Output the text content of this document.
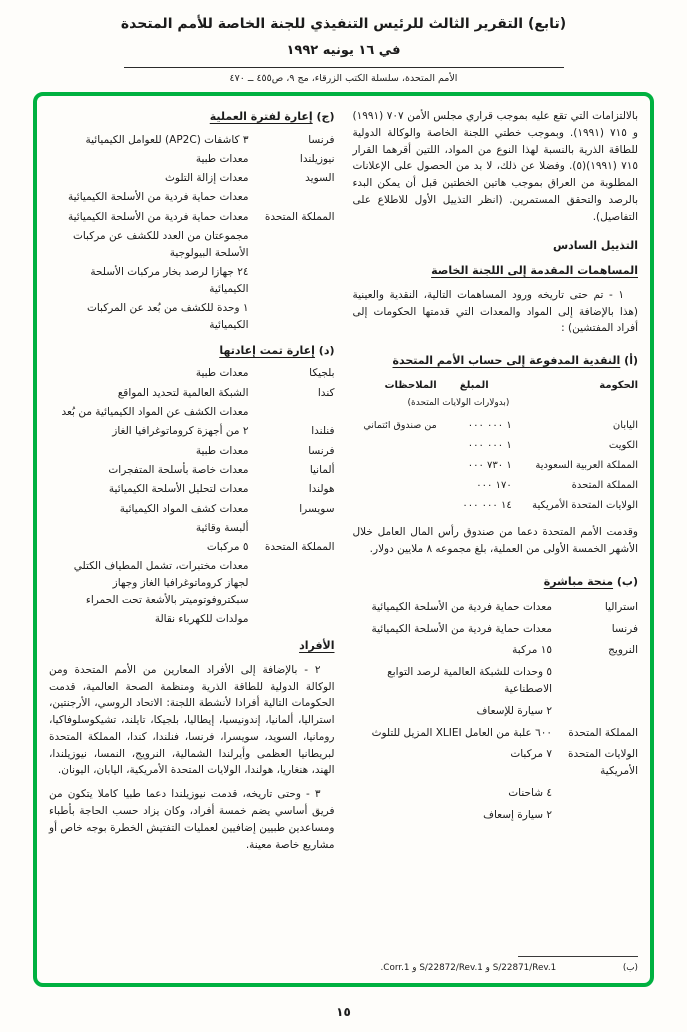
(تابع) التقرير الثالث للرئيس التنفيذي للجنة الخاصة للأمم المتحدة
في ١٦ يونيه ١٩٩٢
الأمم المتحدة، سلسلة الكتب الزرقاء، مج ٩، ص٤٥٥ ــ ٤٧٠

بالالتزامات التي تقع عليه بموجب قراري مجلس الأمن ٧٠٧ (١٩٩١) و ٧١٥ (١٩٩١). وبموجب خطتي اللجنة الخاصة والوكالة الدولية للطاقة الذرية بالنسبة لهذا النوع من المواد، اللتين أقرهما القرار ٧١٥ (١٩٩١)(٥). وفضلا عن ذلك، لا بد من الحصول على الإعلانات المطلوبة من العراق بموجب هاتين الخطتين قبل أن يمكن البدء بالرصد والتحقق المستمرين. (انظر التذييل الأول للاطلاع على التفاصيل).

التذييل السادس
المساهمات المقدمة إلى اللجنة الخاصة

١ - تم حتى تاريخه ورود المساهمات التالية، النقدية والعينية (هذا بالإضافة إلى المواد والمعدات التي قدمتها الحكومات إلى أفراد المفتشين) :

(أ) النقدية المدفوعة إلى حساب الأمم المتحدة
الحكومة
المبلغ
الملاحظات
(بدولارات الولايات المتحدة)
اليابان
١ ٠٠٠ ٠٠٠
من صندوق ائتماني
الكويت
١ ٠٠٠ ٠٠٠
المملكة العربية السعودية
١ ٧٣٠ ٠٠٠
المملكة المتحدة
١٧٠ ٠٠٠
الولايات المتحدة الأمريكية
١٤ ٠٠٠ ٠٠٠

وقدمت الأمم المتحدة دعما من صندوق رأس المال العامل خلال الأشهر الخمسة الأولى من العملية، بلغ مجموعه ٨ ملايين دولار.

(ب) منحة مباشرة
استراليا
معدات حماية فردية من الأسلحة الكيميائية
فرنسا
معدات حماية فردية من الأسلحة الكيميائية
النرويج
١٥ مركبة
٥ وحدات للشبكة العالمية لرصد التوابع الاصطناعية
٢ سيارة للإسعاف
المملكة المتحدة
٦٠٠ علبة من العامل XLIEI المزيل للتلوث
الولايات المتحدة الأمريكية
٧ مركبات
٤ شاحنات
٢ سيارة إسعاف
(ب)
S/22871/Rev.1 و S/22872/Rev.1 و Corr.1.
(ج) إعارة لفترة العملية
فرنسا
٣ كاشفات (AP2C) للعوامل الكيميائية
نيوزيلندا
معدات طبية
السويد
معدات إزالة التلوث
معدات حماية فردية من الأسلحة الكيميائية
المملكة المتحدة
معدات حماية فردية من الأسلحة الكيميائية
مجموعتان من العدد للكشف عن مركبات الأسلحة البيولوجية
٢٤ جهازا لرصد بخار مركبات الأسلحة الكيميائية
١ وحدة للكشف من بُعد عن المركبات الكيميائية
(د) إعارة تمت إعادتها
بلجيكا
معدات طبية
كندا
الشبكة العالمية لتحديد المواقع
معدات الكشف عن المواد الكيميائية من بُعد
فنلندا
٢ من أجهزة كروماتوغرافيا الغاز
فرنسا
معدات طبية
ألمانيا
معدات خاصة بأسلحة المتفجرات
هولندا
معدات لتحليل الأسلحة الكيميائية
سويسرا
معدات كشف المواد الكيميائية
ألبسة وقائية
المملكة المتحدة
٥ مركبات
معدات مختبرات، تشمل المطياف الكتلي لجهاز كروماتوغرافيا الغاز وجهاز سبكتروفوتوميتر بالأشعة تحت الحمراء
مولدات للكهرباء نقالة
الأفراد

٢ - بالإضافة إلى الأفراد المعارين من الأمم المتحدة ومن الوكالة الدولية للطاقة الذرية ومنظمة الصحة العالمية، قدمت الحكومات التالية أفرادا لأنشطة اللجنة: الاتحاد الروسي، الأرجنتين، استراليا، ألمانيا، إندونيسيا، إيطاليا، بلجيكا، تايلند، تشيكوسلوفاكيا، رومانيا، السويد، سويسرا، فرنسا، فنلندا، كندا، المملكة المتحدة لبريطانيا العظمى وأيرلندا الشمالية، النرويج، النمسا، نيوزيلندا، الهند، هنغاريا، هولندا، الولايات المتحدة الأمريكية، اليابان، اليونان.

٣ - وحتى تاريخه، قدمت نيوزيلندا دعما طبيا كاملا يتكون من فريق أساسي يضم خمسة أفراد، وكان يزاد حسب الحاجة بأطباء ومساعدين طبيين إضافيين لعمليات التفتيش الخطرة بوجه خاص أو مشاريع خاصة معينة.

١٥
